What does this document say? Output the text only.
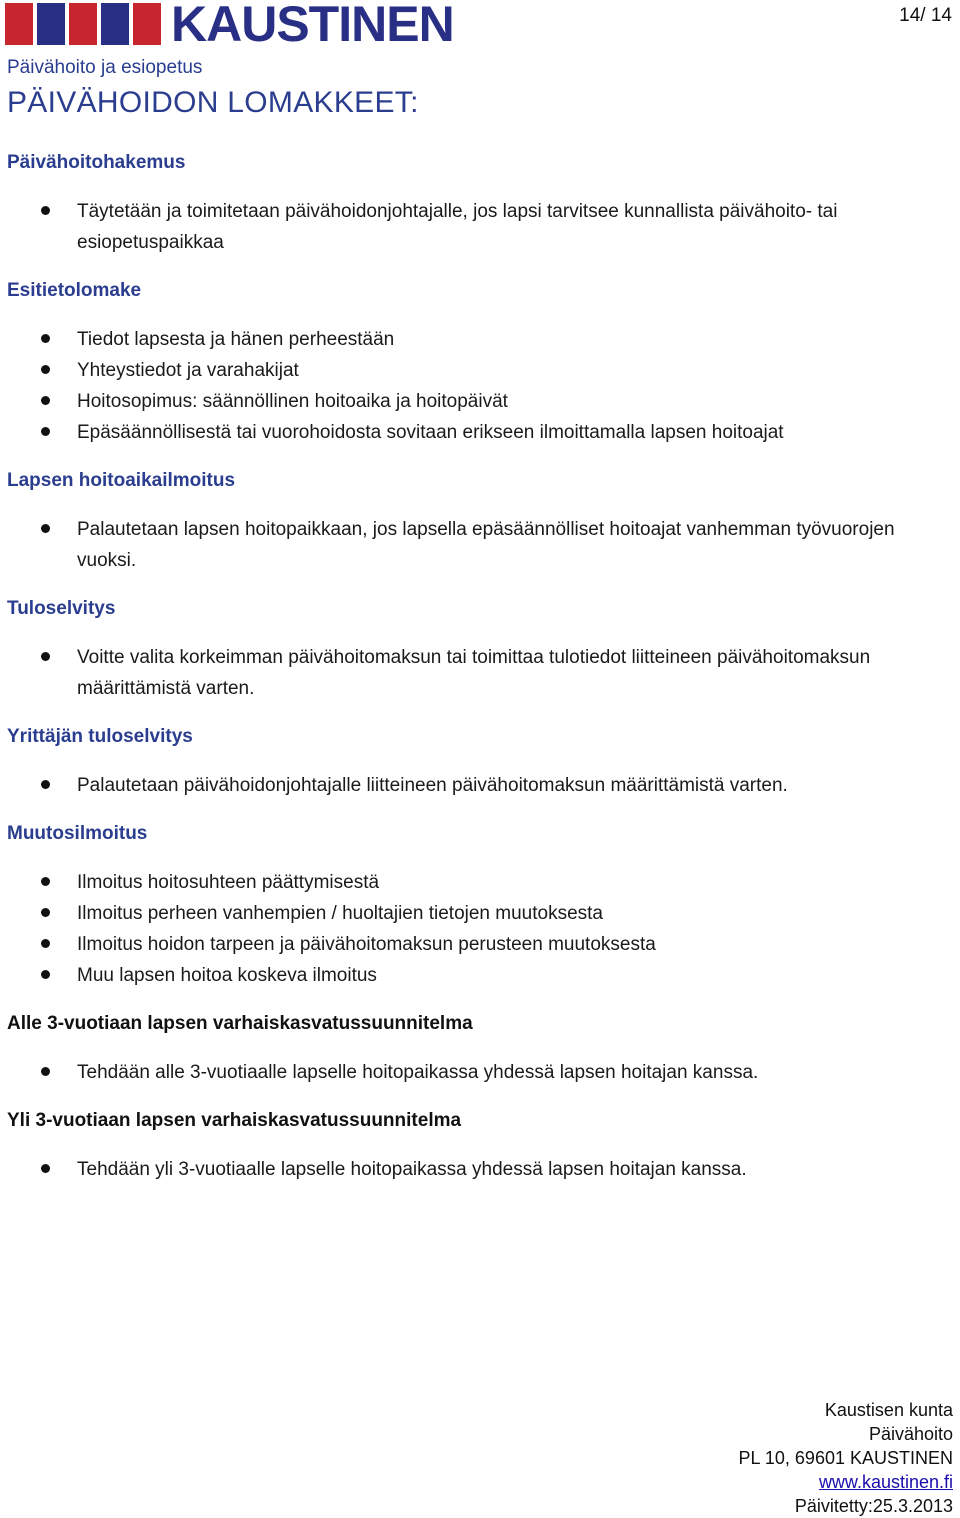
KAUSTINEN	14/ 14
Päivähoito ja esiopetus
PÄIVÄHOIDON LOMAKKEET:
Päivähoitohakemus
Täytetään ja toimitetaan päivähoidonjohtajalle, jos lapsi tarvitsee kunnallista päivähoito- tai esiopetuspaikkaa
Esitietolomake
Tiedot lapsesta ja hänen perheestään
Yhteystiedot ja varahakijat
Hoitosopimus: säännöllinen hoitoaika ja hoitopäivät
Epäsäännöllisestä tai vuorohoidosta sovitaan erikseen ilmoittamalla lapsen hoitoajat
Lapsen hoitoaikailmoitus
Palautetaan lapsen hoitopaikkaan, jos lapsella epäsäännölliset hoitoajat vanhemman työvuorojen vuoksi.
Tuloselvitys
Voitte valita korkeimman päivähoitomaksun tai toimittaa tulotiedot liitteineen päivähoitomaksun määrittämistä varten.
Yrittäjän tuloselvitys
Palautetaan päivähoidonjohtajalle liitteineen päivähoitomaksun määrittämistä varten.
Muutosilmoitus
Ilmoitus hoitosuhteen päättymisestä
Ilmoitus perheen vanhempien / huoltajien tietojen muutoksesta
Ilmoitus hoidon tarpeen ja päivähoitomaksun perusteen muutoksesta
Muu lapsen hoitoa koskeva ilmoitus
Alle 3-vuotiaan lapsen varhaiskasvatussuunnitelma
Tehdään alle 3-vuotiaalle lapselle hoitopaikassa yhdessä lapsen hoitajan kanssa.
Yli 3-vuotiaan lapsen varhaiskasvatussuunnitelma
Tehdään yli 3-vuotiaalle lapselle hoitopaikassa yhdessä lapsen hoitajan kanssa.
Kaustisen kunta
Päivähoito
PL 10, 69601 KAUSTINEN
www.kaustinen.fi
Päivitetty:25.3.2013
